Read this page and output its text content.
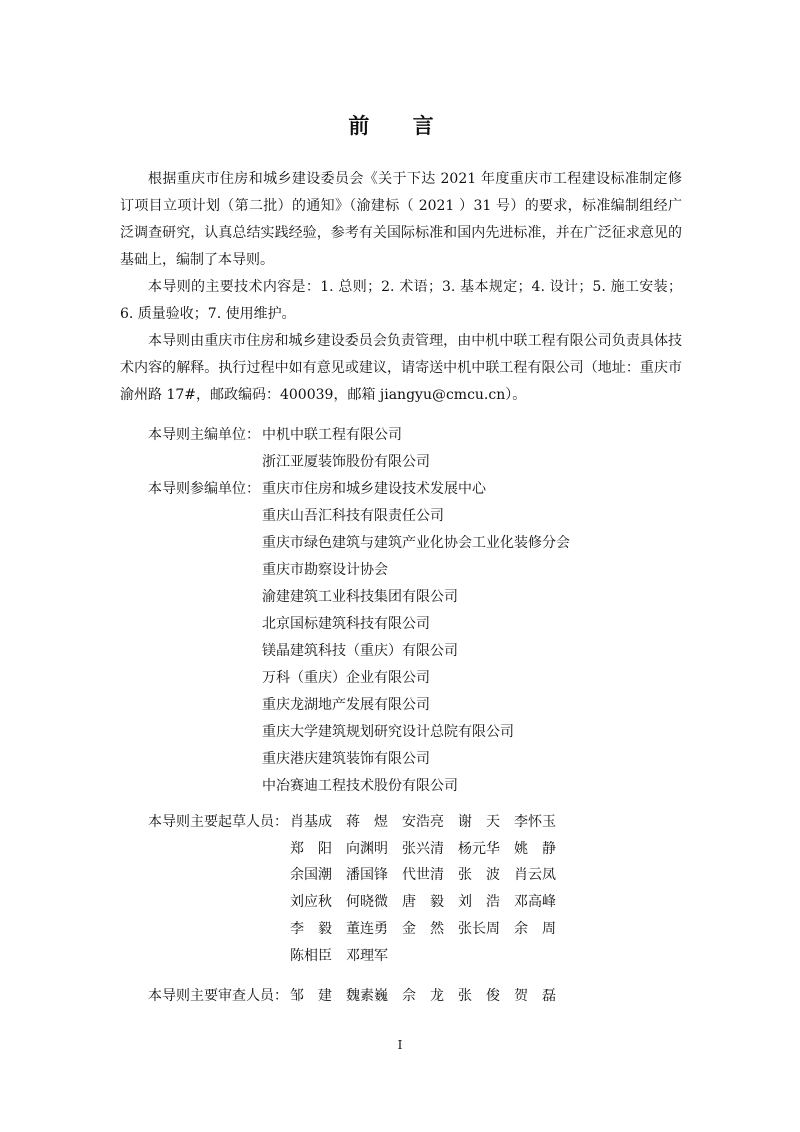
前 言

根据重庆市住房和城乡建设委员会《关于下达 2021 年度重庆市工程建设标准制定修订项目立项计划（第二批）的通知》（渝建标（ 2021 ）31 号）的要求，标准编制组经广泛调查研究，认真总结实践经验，参考有关国际标准和国内先进标准，并在广泛征求意见的基础上，编制了本导则。

本导则的主要技术内容是：1. 总则；2. 术语；3. 基本规定；4. 设计；5. 施工安装；6. 质量验收；7. 使用维护。

本导则由重庆市住房和城乡建设委员会负责管理，由中机中联工程有限公司负责具体技术内容的解释。执行过程中如有意见或建议，请寄送中机中联工程有限公司（地址：重庆市渝州路 17#，邮政编码：400039，邮箱 jiangyu@cmcu.cn）。

本导则主编单位： 中机中联工程有限公司
浙江亚厦装饰股份有限公司
本导则参编单位： 重庆市住房和城乡建设技术发展中心
重庆山吾汇科技有限责任公司
重庆市绿色建筑与建筑产业化协会工业化装修分会
重庆市勘察设计协会
渝建建筑工业科技集团有限公司
北京国标建筑科技有限公司
镁晶建筑科技（重庆）有限公司
万科（重庆）企业有限公司
重庆龙湖地产发展有限公司
重庆大学建筑规划研究设计总院有限公司
重庆港庆建筑装饰有限公司
中冶赛迪工程技术股份有限公司
本导则主要起草人员： 肖基成 蒋煜 安浩亮 谢天 李怀玉
郑阳 向渊明 张兴清 杨元华 姚静
余国潮 潘国锋 代世清 张波 肖云凤
刘应秋 何晓微 唐毅 刘浩 邓高峰
李毅 董连勇 金然 张长周 余周
陈相臣 邓理军
本导则主要审查人员： 邹建 魏素巍 佘龙 张俊 贺磊
I
